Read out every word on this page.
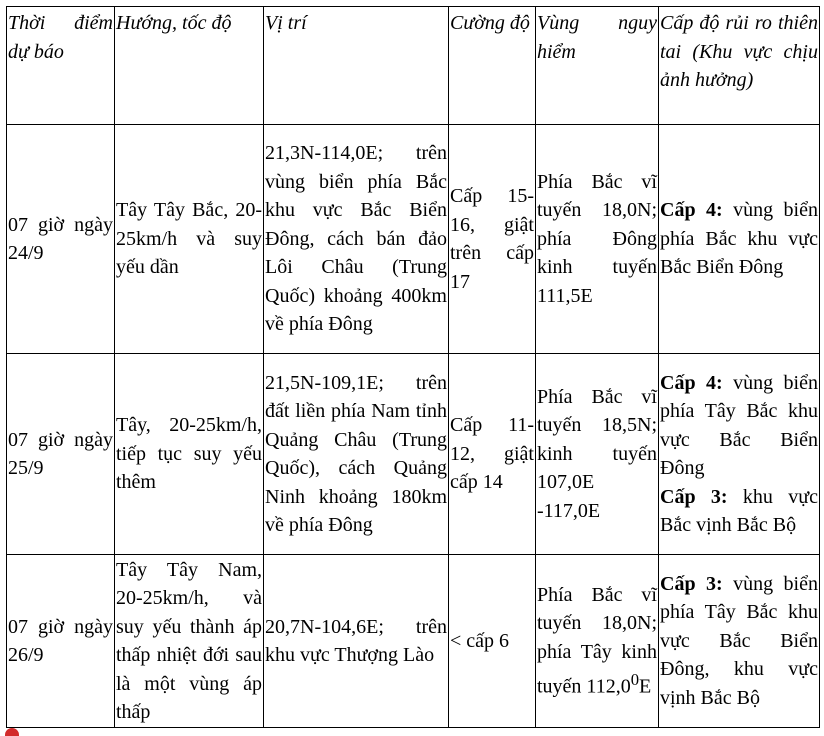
Thời điểm dự báo	Hướng, tốc độ	Vị trí	Cường độ	Vùng nguy hiểm	Cấp độ rủi ro thiên tai (Khu vực chịu ảnh hưởng)
07 giờ ngày 24/9	Tây Tây Bắc, 20-25km/h và suy yếu dần	21,3N-114,0E; trên vùng biển phía Bắc khu vực Bắc Biển Đông, cách bán đảo Lôi Châu (Trung Quốc) khoảng 400km về phía Đông	Cấp 15-16, giật trên cấp 17	Phía Bắc vĩ tuyến 18,0N; phía Đông kinh tuyến 111,5E	Cấp 4: vùng biển phía Bắc khu vực Bắc Biển Đông

07 giờ ngày 25/9	Tây, 20-25km/h, tiếp tục suy yếu thêm	21,5N-109,1E; trên đất liền phía Nam tỉnh Quảng Châu (Trung Quốc), cách Quảng Ninh khoảng 180km về phía Đông	Cấp 11-12, giật cấp 14	Phía Bắc vĩ tuyến 18,5N; kinh tuyến 107,0E -117,0E	Cấp 4: vùng biển phía Tây Bắc khu vực Bắc Biển Đông
Cấp 3: khu vực Bắc vịnh Bắc Bộ

07 giờ ngày 26/9	Tây Tây Nam, 20-25km/h, và suy yếu thành áp thấp nhiệt đới sau là một vùng áp thấp	20,7N-104,6E; trên khu vực Thượng Lào	< cấp 6	Phía Bắc vĩ tuyến 18,0N; phía Tây kinh tuyến 112,0$^0$E	Cấp 3: vùng biển phía Tây Bắc khu vực Bắc Biển Đông, khu vực vịnh Bắc Bộ
